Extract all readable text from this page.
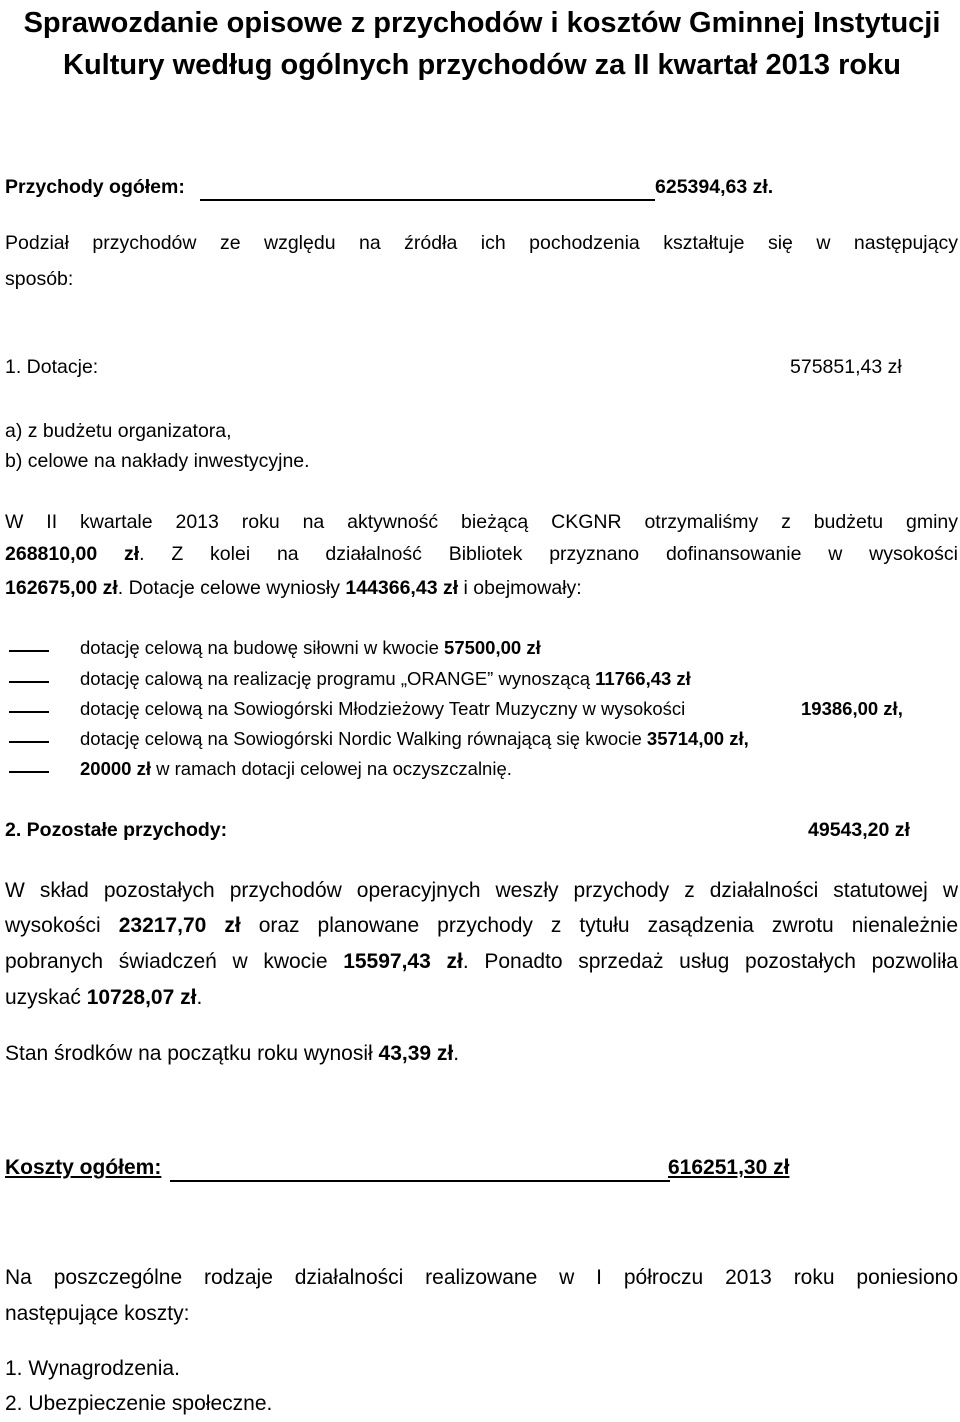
Sprawozdanie opisowe z przychodów i kosztów Gminnej Instytucji Kultury według ogólnych przychodów za II kwartał 2013 roku
Przychody ogółem:	625394,63 zł.
Podział przychodów ze względu na źródła ich pochodzenia kształtuje się w następujący
sposób:
1. Dotacje:	575851,43 zł
a) z budżetu organizatora,
b) celowe na nakłady inwestycyjne.
W II kwartale 2013 roku na aktywność bieżącą CKGNR otrzymaliśmy z budżetu gminy
268810,00 zł. Z kolei na działalność Bibliotek przyznano dofinansowanie w wysokości
162675,00 zł. Dotacje celowe wyniosły 144366,43 zł i obejmowały:
dotację celową na budowę siłowni w kwocie 57500,00 zł
dotację calową na realizację programu „ORANGE” wynoszącą 11766,43 zł
dotację celową na Sowiogórski Młodzieżowy Teatr Muzyczny w wysokości	19386,00 zł,
dotację celową na Sowiogórski Nordic Walking równającą się kwocie 35714,00 zł,
20000 zł w ramach dotacji celowej na oczyszczalnię.
2. Pozostałe przychody:	49543,20 zł
W skład pozostałych przychodów operacyjnych weszły przychody z działalności statutowej w
wysokości 23217,70 zł oraz planowane przychody z tytułu zasądzenia zwrotu nienależnie
pobranych świadczeń w kwocie 15597,43 zł. Ponadto sprzedaż usług pozostałych pozwoliła
uzyskać 10728,07 zł.
Stan środków na początku roku wynosił 43,39 zł.
Koszty ogółem:	616251,30 zł
Na poszczególne rodzaje działalności realizowane w I półroczu 2013 roku poniesiono
następujące koszty:
1. Wynagrodzenia.
2. Ubezpieczenie społeczne.
